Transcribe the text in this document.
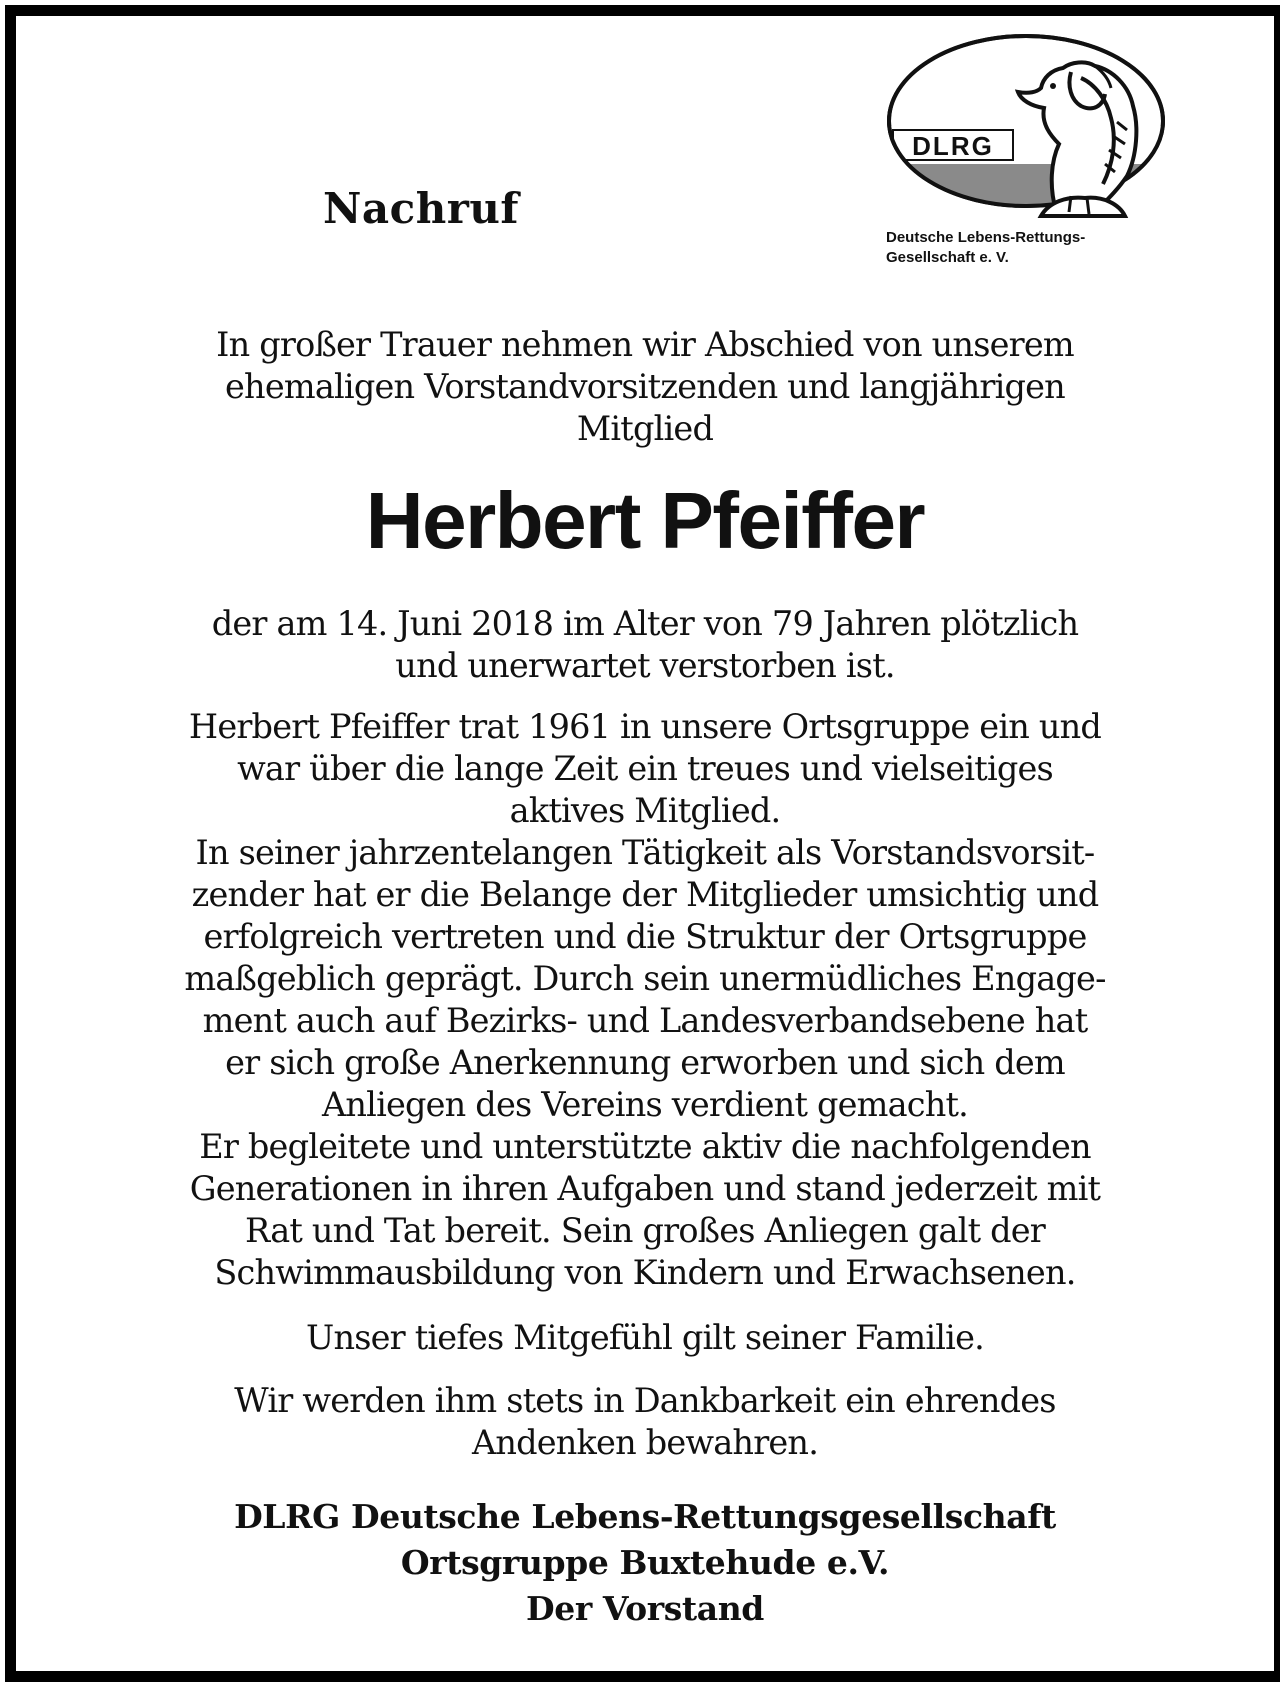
DLRG
Deutsche Lebens-Rettungs-
Gesellschaft e. V.
Nachruf
In großer Trauer nehmen wir Abschied von unserem
ehemaligen Vorstandvorsitzenden und langjährigen
Mitglied
Herbert Pfeiffer
der am 14. Juni 2018 im Alter von 79 Jahren plötzlich
und unerwartet verstorben ist.
Herbert Pfeiffer trat 1961 in unsere Ortsgruppe ein und
war über die lange Zeit ein treues und vielseitiges
aktives Mitglied.
In seiner jahrzentelangen Tätigkeit als Vorstandsvorsit-
zender hat er die Belange der Mitglieder umsichtig und
erfolgreich vertreten und die Struktur der Ortsgruppe
maßgeblich geprägt. Durch sein unermüdliches Engage-
ment auch auf Bezirks- und Landesverbandsebene hat
er sich große Anerkennung erworben und sich dem
Anliegen des Vereins verdient gemacht.
Er begleitete und unterstützte aktiv die nachfolgenden
Generationen in ihren Aufgaben und stand jederzeit mit
Rat und Tat bereit. Sein großes Anliegen galt der
Schwimmausbildung von Kindern und Erwachsenen.
Unser tiefes Mitgefühl gilt seiner Familie.
Wir werden ihm stets in Dankbarkeit ein ehrendes
Andenken bewahren.
DLRG Deutsche Lebens-Rettungsgesellschaft
Ortsgruppe Buxtehude e.V.
Der Vorstand
